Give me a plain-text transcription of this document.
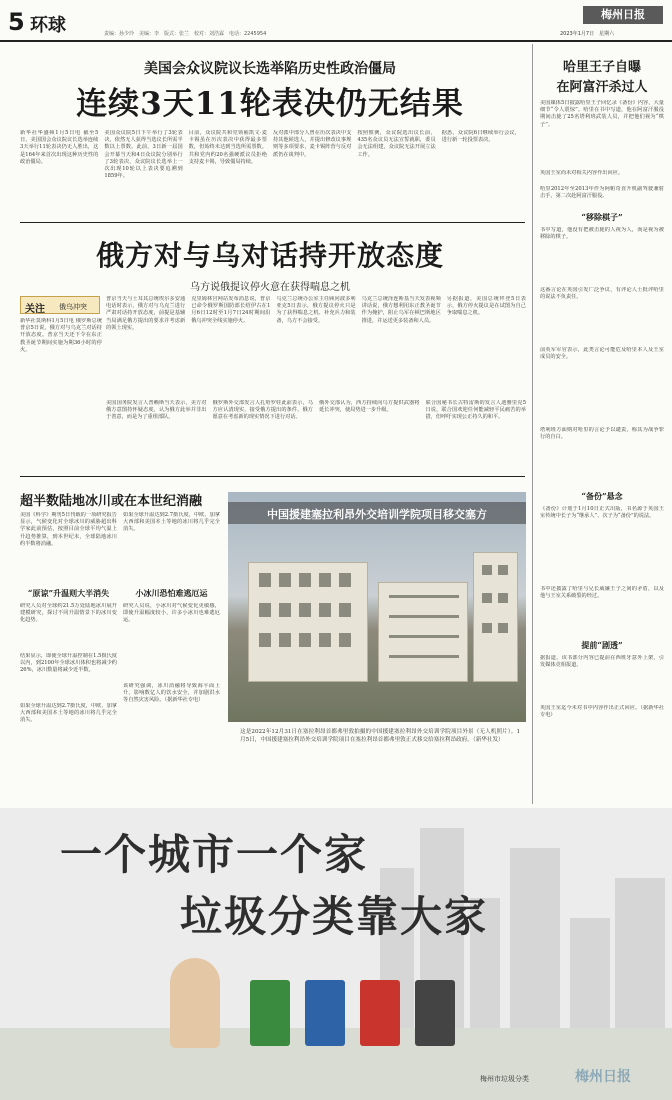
5 环球	责编：孙少玲　美编：李　版式：张兰　校对：刘浩霖　电话：2245954
梅州日报
2023年1月7日　星期六
美国会众议院议长选举陷历史性政治僵局
连续3天11轮表决仍无结果
新华社华盛顿1月5日电 截至5日，美国国会众议院议长选举连续3天举行11轮表决仍无人胜出，这是164年来首次出现这种历史性的政治僵局。
美国众议院5日下午举行了3轮表决，依然无人获得当选议长所需半数以上票数。此前，3日新一届国会开幕当天和4日众议院分别举行了3轮表决，众议院议长选举上一次出现10轮以上表决要追溯到1859年。
目前，众议院共和党领袖凯文·麦卡锡虽在历次表决中获得最多票数，但始终未达到当选所需票数。共和党内约20名强硬派议员拒绝支持麦卡锡，导致僵局持续。
反对派中部分人曾在历次表决中支持其他候选人，并提出修改议事规则等多项要求，麦卡锡阵营与反对派仍在谈判中。
按照惯例，众议院选出议长前，435名众议员无法宣誓就职，委员会无法组建，众议院无法开展立法工作。
据悉，众议院6日继续举行会议，进行新一轮投票表决。
俄方对与乌对话持开放态度
乌方说俄提议停火意在获得喘息之机
关注 俄乌冲突
新华社莫斯科1月5日电 俄罗斯总统普京5日说，俄方对与乌克兰对话持开放态度。普京当天还下令在东正教圣诞节期间实施为期36小时的停火。
普京当天与土耳其总统埃尔多安通电话时表示，俄方对与乌克兰进行严肃对话持开放态度，前提是基辅当局满足俄方提出的要求并考虑新的领土现实。
克里姆林宫网站发布消息说，普京已命令俄罗斯国防部长绍伊古在1月6日12时至1月7日24时期间沿俄乌冲突全线实施停火。
乌克兰总统办公室主任顾问波多利亚克5日表示，俄方提议停火只是为了获得喘息之机、补充兵力和装备，乌方不会接受。
乌克兰总统泽连斯基当天发表视频讲话说，俄方想利用东正教圣诞节作为掩护，阻止乌军在顿巴斯地区推进，并运送更多装备和人员。
另据报道，美国总统拜登5日表示，俄方停火提议是在试图为自己争取喘息之机。
美国国务院发言人普赖斯当天表示，美方对俄方意图持怀疑态度，认为俄方此举并非出于善意，而是为了重组部队。
俄罗斯外交部发言人扎哈罗娃此前表示，乌方应认清现实，接受俄方提出的条件，俄方愿意在考虑新的现实情况下进行对话。
俄外交部认为，西方持续向乌方提供武器将延长冲突，使局势进一步升级。
联合国秘书长古特雷斯的发言人迪雅里克5日说，联合国欢迎任何能减轻平民痛苦的举措，但呼吁实现公正持久的和平。
超半数陆地冰川或在本世纪消融
美国《科学》期刊5日刊载的一项研究报告显示，气候变化对全球冰川的威胁超出科学家此前预估，按照目前全球平均气温上升趋势推算，到本世纪末，全球陆地冰川约半数将消融。
“原谅”升温则大半消失
研究人员对全球约21.5万处陆地冰川展开建模研究，探讨不同升温情景下的冰川变化趋势。
结果显示，即使全球升温控制在1.5摄氏度以内，到2100年全球冰川体积也将减少约26%，冰川数量将减少近半数。
如果全球升温达到2.7摄氏度，中欧、加拿大西部和美国本土等地的冰川将几乎完全消失。
如果全球升温达到2.7摄氏度，中欧、加拿大西部和美国本土等地的冰川将几乎完全消失。
小冰川恐怕难逃厄运
研究人员说，小冰川对气候变化更敏感，即使升温幅度较小，许多小冰川也难逃厄运。
该研究强调，冰川消融将导致海平面上升，影响数亿人的饮水安全，并加剧洪水等自然灾害风险。（据新华社专电）
中国援建塞拉利昂外交培训学院项目移交塞方
这是2022年12月31日在塞拉利昂首都弗里敦拍摄的中国援建塞拉利昂外交培训学院项目外景（无人机照片）。1月5日，中国援建塞拉利昂外交培训学院项目在塞拉利昂首都弗里敦正式移交给塞拉利昂政府。（新华社发）
哈里王子自曝
在阿富汗杀过人
美国媒体5日披露哈里王子回忆录《备份》内容，大量细节“令人震惊”。哈里在书中写道，他在阿富汗服役期间击毙了25名塔利班武装人员，并把他们视为“棋子”。
英国王室尚未对相关内容作出回应。
哈里2012年至2013年作为阿帕奇直升机副驾驶兼射击手，第二次赴阿富汗服役。
“移除棋子”
书中写道，他没有把被击毙的人视为人，而是视为被移除的棋子。
这番言论在英国引发广泛争议，有评论人士批评哈里的说法不负责任。
前英军军官表示，此类言论可能危及哈里本人及王室成员的安全。
塔利班方面则对哈里的言论予以谴责，称其为战争罪行的自白。
“备份”悬念
《备份》计划于1月10日正式出版，书名源于英国王室传统中长子为“继承人”、次子为“备份”的说法。
书中还披露了哈里与兄长威廉王子之间的矛盾，以及他与王室关系破裂的经过。
提前“剧透”
据报道，该书部分内容已提前在西班牙意外上架，引发媒体竞相报道。
英国王室迄今未对书中内容作出正式回应。（据新华社专电）
一个城市一个家
垃圾分类靠大家
梅州市垃圾分类	梅州日报
